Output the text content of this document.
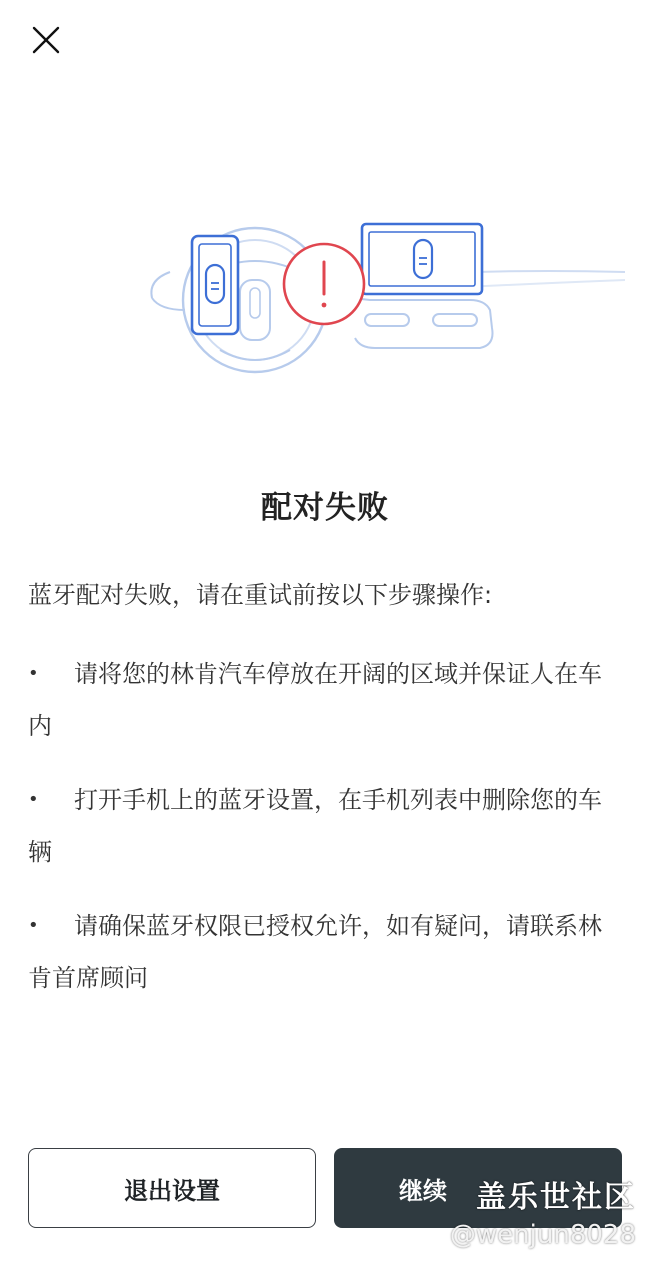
配对失败
蓝牙配对失败，请在重试前按以下步骤操作:
• 请将您的林肯汽车停放在开阔的区域并保证人在车内
• 打开手机上的蓝牙设置，在手机列表中删除您的车辆
• 请确保蓝牙权限已授权允许，如有疑问，请联系林肯首席顾问
退出设置	继续 盖乐世社区
@wenjun8028
